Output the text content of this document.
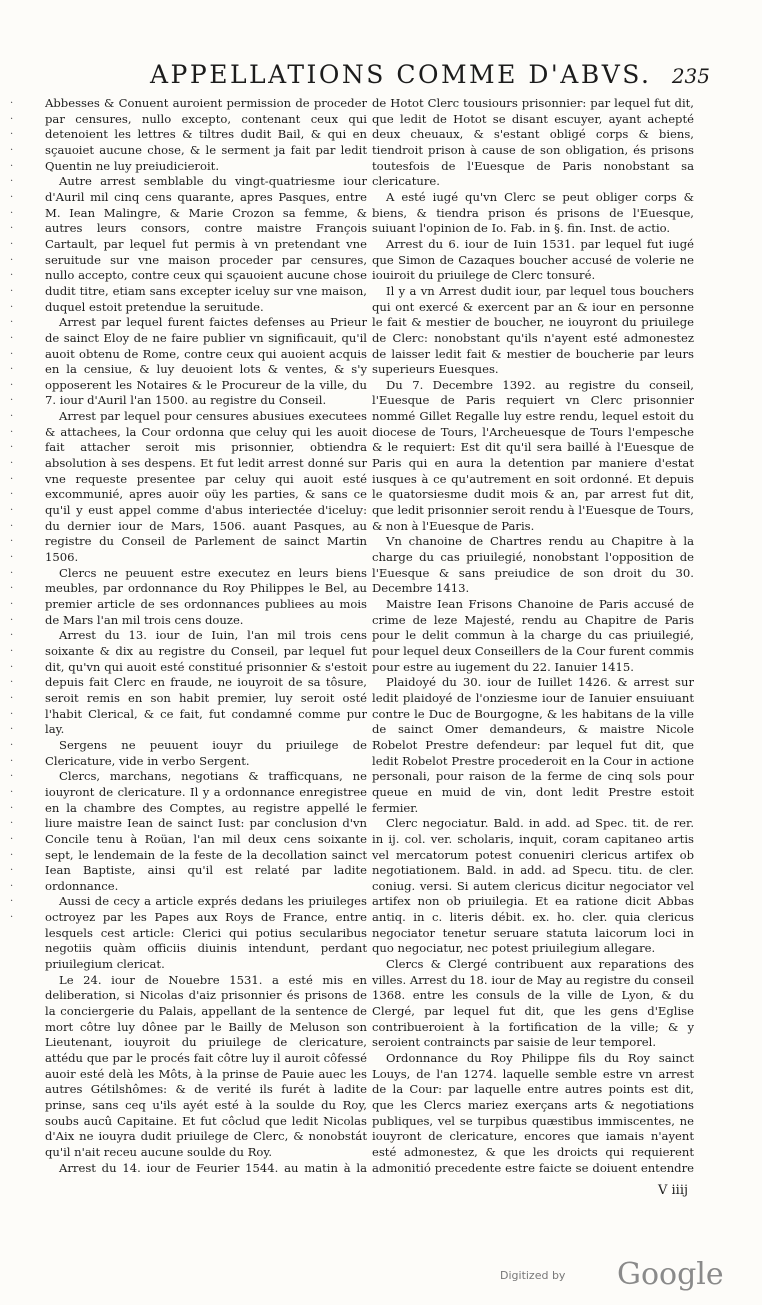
APPELLATIONS COMME D'ABVS. 235
·
·
·
·
·
·
·
·
·
·
·
·
·
·
·
·
·
·
·
·
·
·
·
·
·
·
·
·
·
·
·
·
·
·
·
·
·
·
·
·
·
·
·
·
·
·
·
·
·
·
·
·
·

Abbesses & Conuent auroient permission de proceder par censures, nullo excepto, contenant ceux qui detenoient les lettres & tiltres dudit Bail, & qui en sçauoiet aucune chose, & le serment ja fait par ledit Quentin ne luy preiudicieroit.

Autre arrest semblable du vingt-quatriesme iour d'Auril mil cinq cens quarante, apres Pasques, entre M. Iean Malingre, & Marie Crozon sa femme, & autres leurs consors, contre maistre François Cartault, par lequel fut permis à vn pretendant vne seruitude sur vne maison proceder par censures, nullo accepto, contre ceux qui sçauoient aucune chose dudit titre, etiam sans excepter iceluy sur vne maison, duquel estoit pretendue la seruitude.

Arrest par lequel furent faictes defenses au Prieur de sainct Eloy de ne faire publier vn significauit, qu'il auoit obtenu de Rome, contre ceux qui auoient acquis en la censiue, & luy deuoient lots & ventes, & s'y opposerent les Notaires & le Procureur de la ville, du 7. iour d'Auril l'an 1500. au registre du Conseil.

Arrest par lequel pour censures abusiues executees & attachees, la Cour ordonna que celuy qui les auoit fait attacher seroit mis prisonnier, obtiendra absolution à ses despens. Et fut ledit arrest donné sur vne requeste presentee par celuy qui auoit esté excommunié, apres auoir oüy les parties, & sans ce qu'il y eust appel comme d'abus interiectée d'iceluy: du dernier iour de Mars, 1506. auant Pasques, au registre du Conseil de Parlement de sainct Martin 1506.

Clercs ne peuuent estre executez en leurs biens meubles, par ordonnance du Roy Philippes le Bel, au premier article de ses ordonnances publiees au mois de Mars l'an mil trois cens douze.

Arrest du 13. iour de Iuin, l'an mil trois cens soixante & dix au registre du Conseil, par lequel fut dit, qu'vn qui auoit esté constitué prisonnier & s'estoit depuis fait Clerc en fraude, ne iouyroit de sa tôsure, seroit remis en son habit premier, luy seroit osté l'habit Clerical, & ce fait, fut condamné comme pur lay.

Sergens ne peuuent iouyr du priuilege de Clericature, vide in verbo Sergent.

Clercs, marchans, negotians & trafficquans, ne iouyront de clericature. Il y a ordonnance enregistree en la chambre des Comptes, au registre appellé le liure maistre Iean de sainct Iust: par conclusion d'vn Concile tenu à Roüan, l'an mil deux cens soixante sept, le lendemain de la feste de la decollation sainct Iean Baptiste, ainsi qu'il est relaté par ladite ordonnance.

Aussi de cecy a article exprés dedans les priuileges octroyez par les Papes aux Roys de France, entre lesquels cest article: Clerici qui potius secularibus negotiis quàm officiis diuinis intendunt, perdant priuilegium clericat.

Le 24. iour de Nouebre 1531. a esté mis en deliberation, si Nicolas d'aiz prisonnier és prisons de la conciergerie du Palais, appellant de la sentence de mort côtre luy dônee par le Bailly de Meluson son Lieutenant, iouyroit du priuilege de clericature, attédu que par le procés fait côtre luy il auroit côfessé auoir esté delà les Môts, à la prinse de Pauie auec les autres Gétilshômes: & de verité ils furét à ladite prinse, sans ceq u'ils ayét esté à la soulde du Roy, soubs aucû Capitaine. Et fut côclud que ledit Nicolas d'Aix ne iouyra dudit priuilege de Clerc, & nonobstát qu'il n'ait receu aucune soulde du Roy.

Arrest du 14. iour de Feurier 1544. au matin à la

de Hotot Clerc tousiours prisonnier: par lequel fut dit, que ledit de Hotot se disant escuyer, ayant achepté deux cheuaux, & s'estant obligé corps & biens, tiendroit prison à cause de son obligation, és prisons toutesfois de l'Euesque de Paris nonobstant sa clericature.

A esté iugé qu'vn Clerc se peut obliger corps & biens, & tiendra prison és prisons de l'Euesque, suiuant l'opinion de Io. Fab. in §. fin. Inst. de actio.

Arrest du 6. iour de Iuin 1531. par lequel fut iugé que Simon de Cazaques boucher accusé de volerie ne iouiroit du priuilege de Clerc tonsuré.

Il y a vn Arrest dudit iour, par lequel tous bouchers qui ont exercé & exercent par an & iour en personne le fait & mestier de boucher, ne iouyront du priuilege de Clerc: nonobstant qu'ils n'ayent esté admonestez de laisser ledit fait & mestier de boucherie par leurs superieurs Euesques.

Du 7. Decembre 1392. au registre du conseil, l'Euesque de Paris requiert vn Clerc prisonnier nommé Gillet Regalle luy estre rendu, lequel estoit du diocese de Tours, l'Archeuesque de Tours l'empesche & le requiert: Est dit qu'il sera baillé à l'Euesque de Paris qui en aura la detention par maniere d'estat iusques à ce qu'autrement en soit ordonné. Et depuis le quatorsiesme dudit mois & an, par arrest fut dit, que ledit prisonnier seroit rendu à l'Euesque de Tours, & non à l'Euesque de Paris.

Vn chanoine de Chartres rendu au Chapitre à la charge du cas priuilegié, nonobstant l'opposition de l'Euesque & sans preiudice de son droit du 30. Decembre 1413.

Maistre Iean Frisons Chanoine de Paris accusé de crime de leze Majesté, rendu au Chapitre de Paris pour le delit commun à la charge du cas priuilegié, pour lequel deux Conseillers de la Cour furent commis pour estre au iugement du 22. Ianuier 1415.

Plaidoyé du 30. iour de Iuillet 1426. & arrest sur ledit plaidoyé de l'onziesme iour de Ianuier ensuiuant contre le Duc de Bourgogne, & les habitans de la ville de sainct Omer demandeurs, & maistre Nicole Robelot Prestre defendeur: par lequel fut dit, que ledit Robelot Prestre procederoit en la Cour in actione personali, pour raison de la ferme de cinq sols pour queue en muid de vin, dont ledit Prestre estoit fermier.

Clerc negociatur. Bald. in add. ad Spec. tit. de rer. in ij. col. ver. scholaris, inquit, coram capitaneo artis vel mercatorum potest conueniri clericus artifex ob negotiationem. Bald. in add. ad Specu. titu. de cler. coniug. versi. Si autem clericus dicitur negociator vel artifex non ob priuilegia. Et ea ratione dicit Abbas antiq. in c. literis débit. ex. ho. cler. quia clericus negociator tenetur seruare statuta laicorum loci in quo negociatur, nec potest priuilegium allegare.

Clercs & Clergé contribuent aux reparations des villes. Arrest du 18. iour de May au registre du conseil 1368. entre les consuls de la ville de Lyon, & du Clergé, par lequel fut dit, que les gens d'Eglise contribueroient à la fortification de la ville; & y seroient contraincts par saisie de leur temporel.

Ordonnance du Roy Philippe fils du Roy sainct Louys, de l'an 1274. laquelle semble estre vn arrest de la Cour: par laquelle entre autres points est dit, que les Clercs mariez exerçans arts & negotiations publiques, vel se turpibus quæstibus immiscentes, ne iouyront de clericature, encores que iamais n'ayent esté admonestez, & que les droicts qui requierent admonitió precedente estre faicte se doiuent entendre

V iiij
Digitized by Google
